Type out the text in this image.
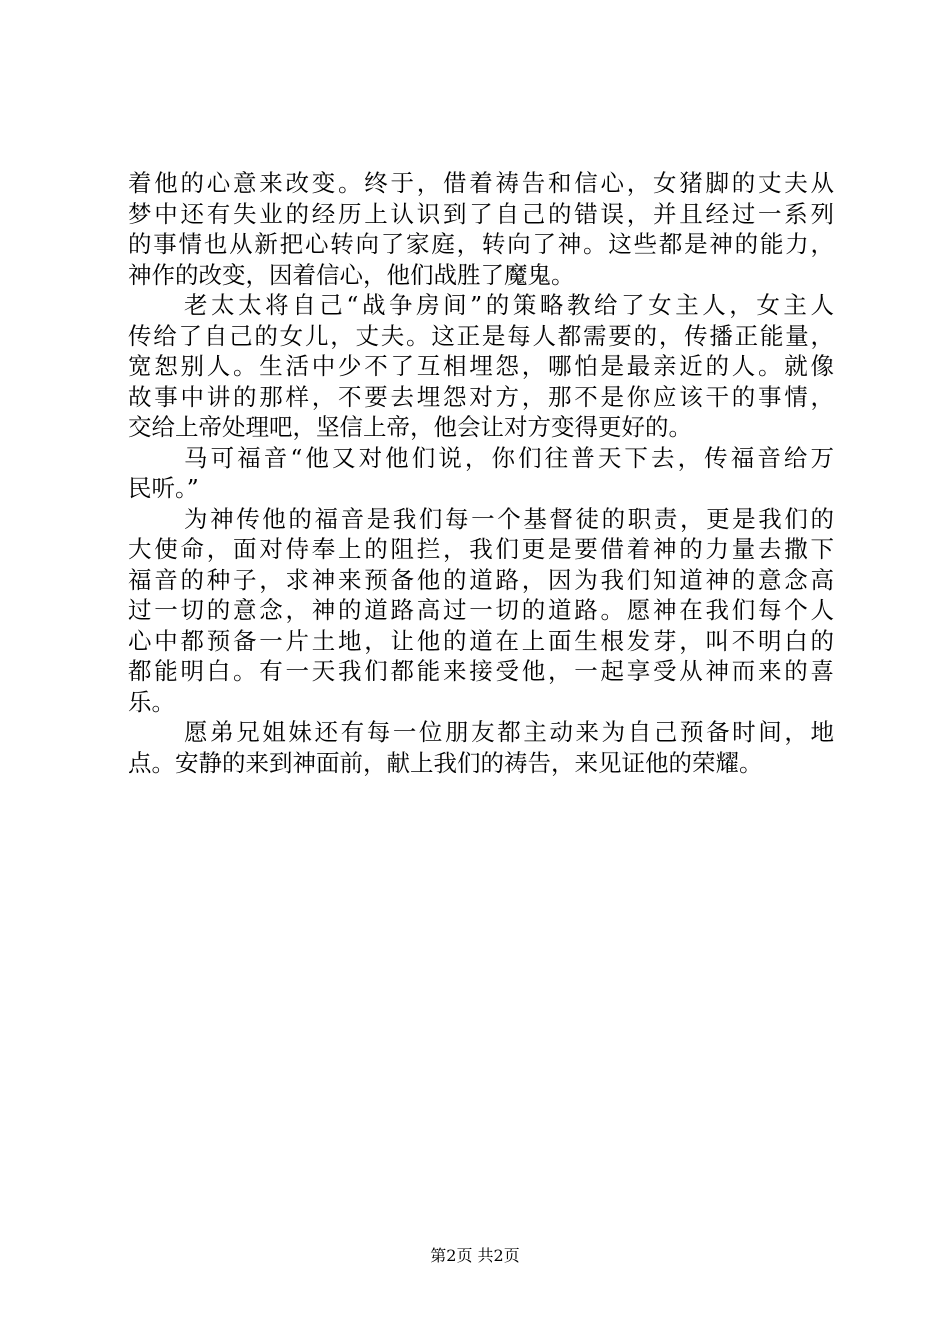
着他的心意来改变。终于，借着祷告和信心，女猪脚的丈夫从
梦中还有失业的经历上认识到了自己的错误，并且经过一系列
的事情也从新把心转向了家庭，转向了神。这些都是神的能力，
神作的改变，因着信心，他们战胜了魔鬼。
老太太将自己“战争房间”的策略教给了女主人，女主人
传给了自己的女儿，丈夫。这正是每人都需要的，传播正能量，
宽恕别人。生活中少不了互相埋怨，哪怕是最亲近的人。就像
故事中讲的那样，不要去埋怨对方，那不是你应该干的事情，
交给上帝处理吧，坚信上帝，他会让对方变得更好的。
马可福音“他又对他们说，你们往普天下去，传福音给万
民听。”
为神传他的福音是我们每一个基督徒的职责，更是我们的
大使命，面对侍奉上的阻拦，我们更是要借着神的力量去撒下
福音的种子，求神来预备他的道路，因为我们知道神的意念高
过一切的意念，神的道路高过一切的道路。愿神在我们每个人
心中都预备一片土地，让他的道在上面生根发芽，叫不明白的
都能明白。有一天我们都能来接受他，一起享受从神而来的喜
乐。
愿弟兄姐妹还有每一位朋友都主动来为自己预备时间，地
点。安静的来到神面前，献上我们的祷告，来见证他的荣耀。
第2页 共2页
